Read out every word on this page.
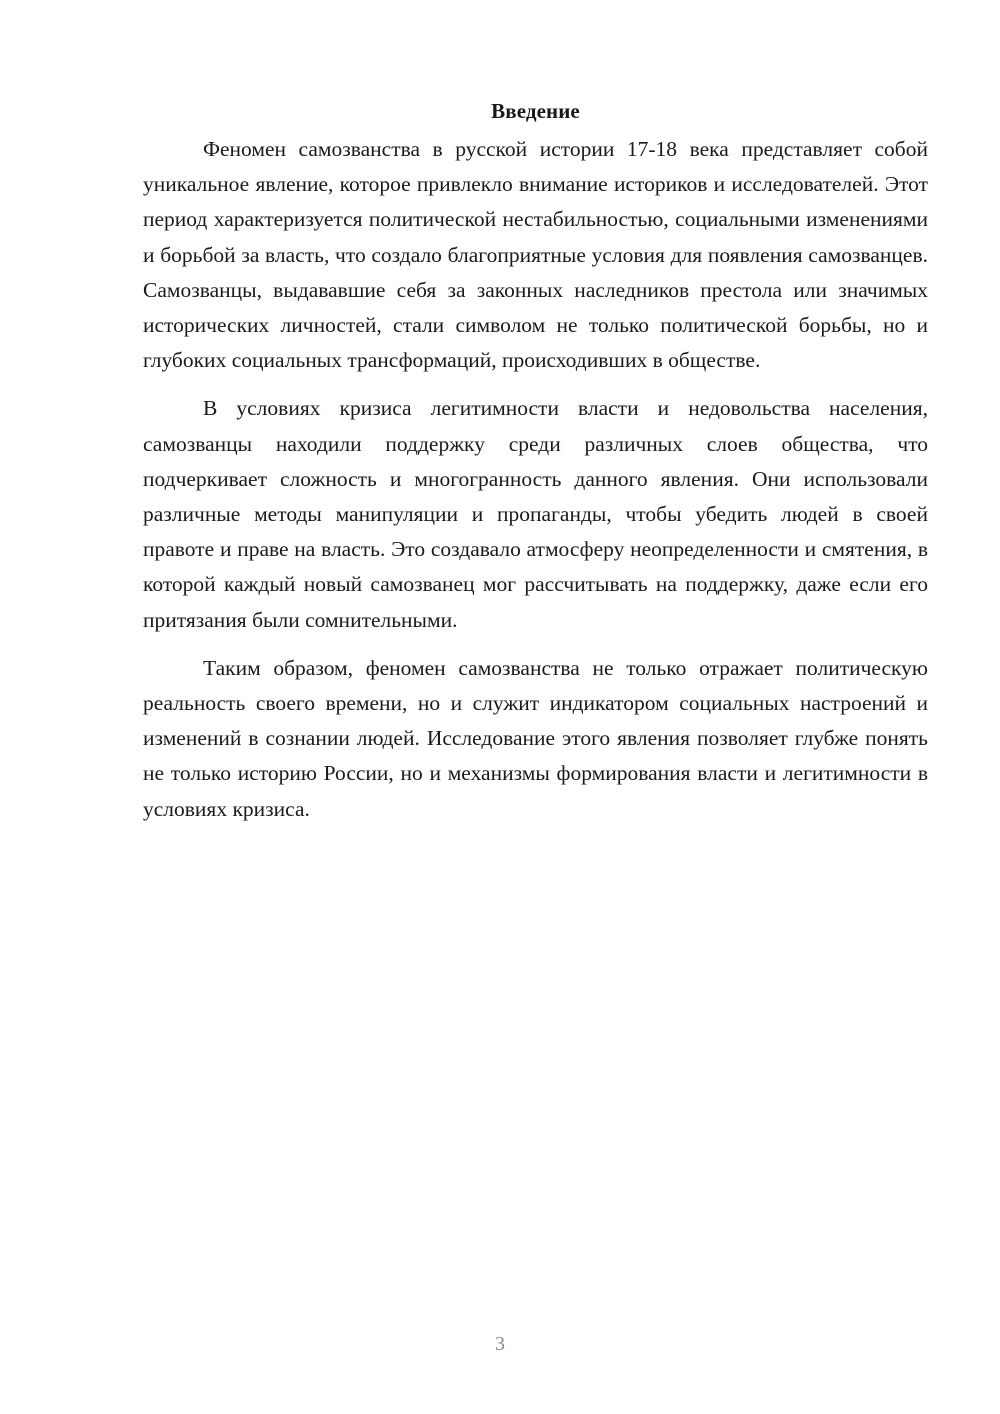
Введение

Феномен самозванства в русской истории 17-18 века представляет собой уникальное явление, которое привлекло внимание историков и исследователей. Этот период характеризуется политической нестабильностью, социальными изменениями и борьбой за власть, что создало благоприятные условия для появления самозванцев. Самозванцы, выдававшие себя за законных наследников престола или значимых исторических личностей, стали символом не только политической борьбы, но и глубоких социальных трансформаций, происходивших в обществе.

В условиях кризиса легитимности власти и недовольства населения, самозванцы находили поддержку среди различных слоев общества, что подчеркивает сложность и многогранность данного явления. Они использовали различные методы манипуляции и пропаганды, чтобы убедить людей в своей правоте и праве на власть. Это создавало атмосферу неопределенности и смятения, в которой каждый новый самозванец мог рассчитывать на поддержку, даже если его притязания были сомнительными.

Таким образом, феномен самозванства не только отражает политическую реальность своего времени, но и служит индикатором социальных настроений и изменений в сознании людей. Исследование этого явления позволяет глубже понять не только историю России, но и механизмы формирования власти и легитимности в условиях кризиса.

3
